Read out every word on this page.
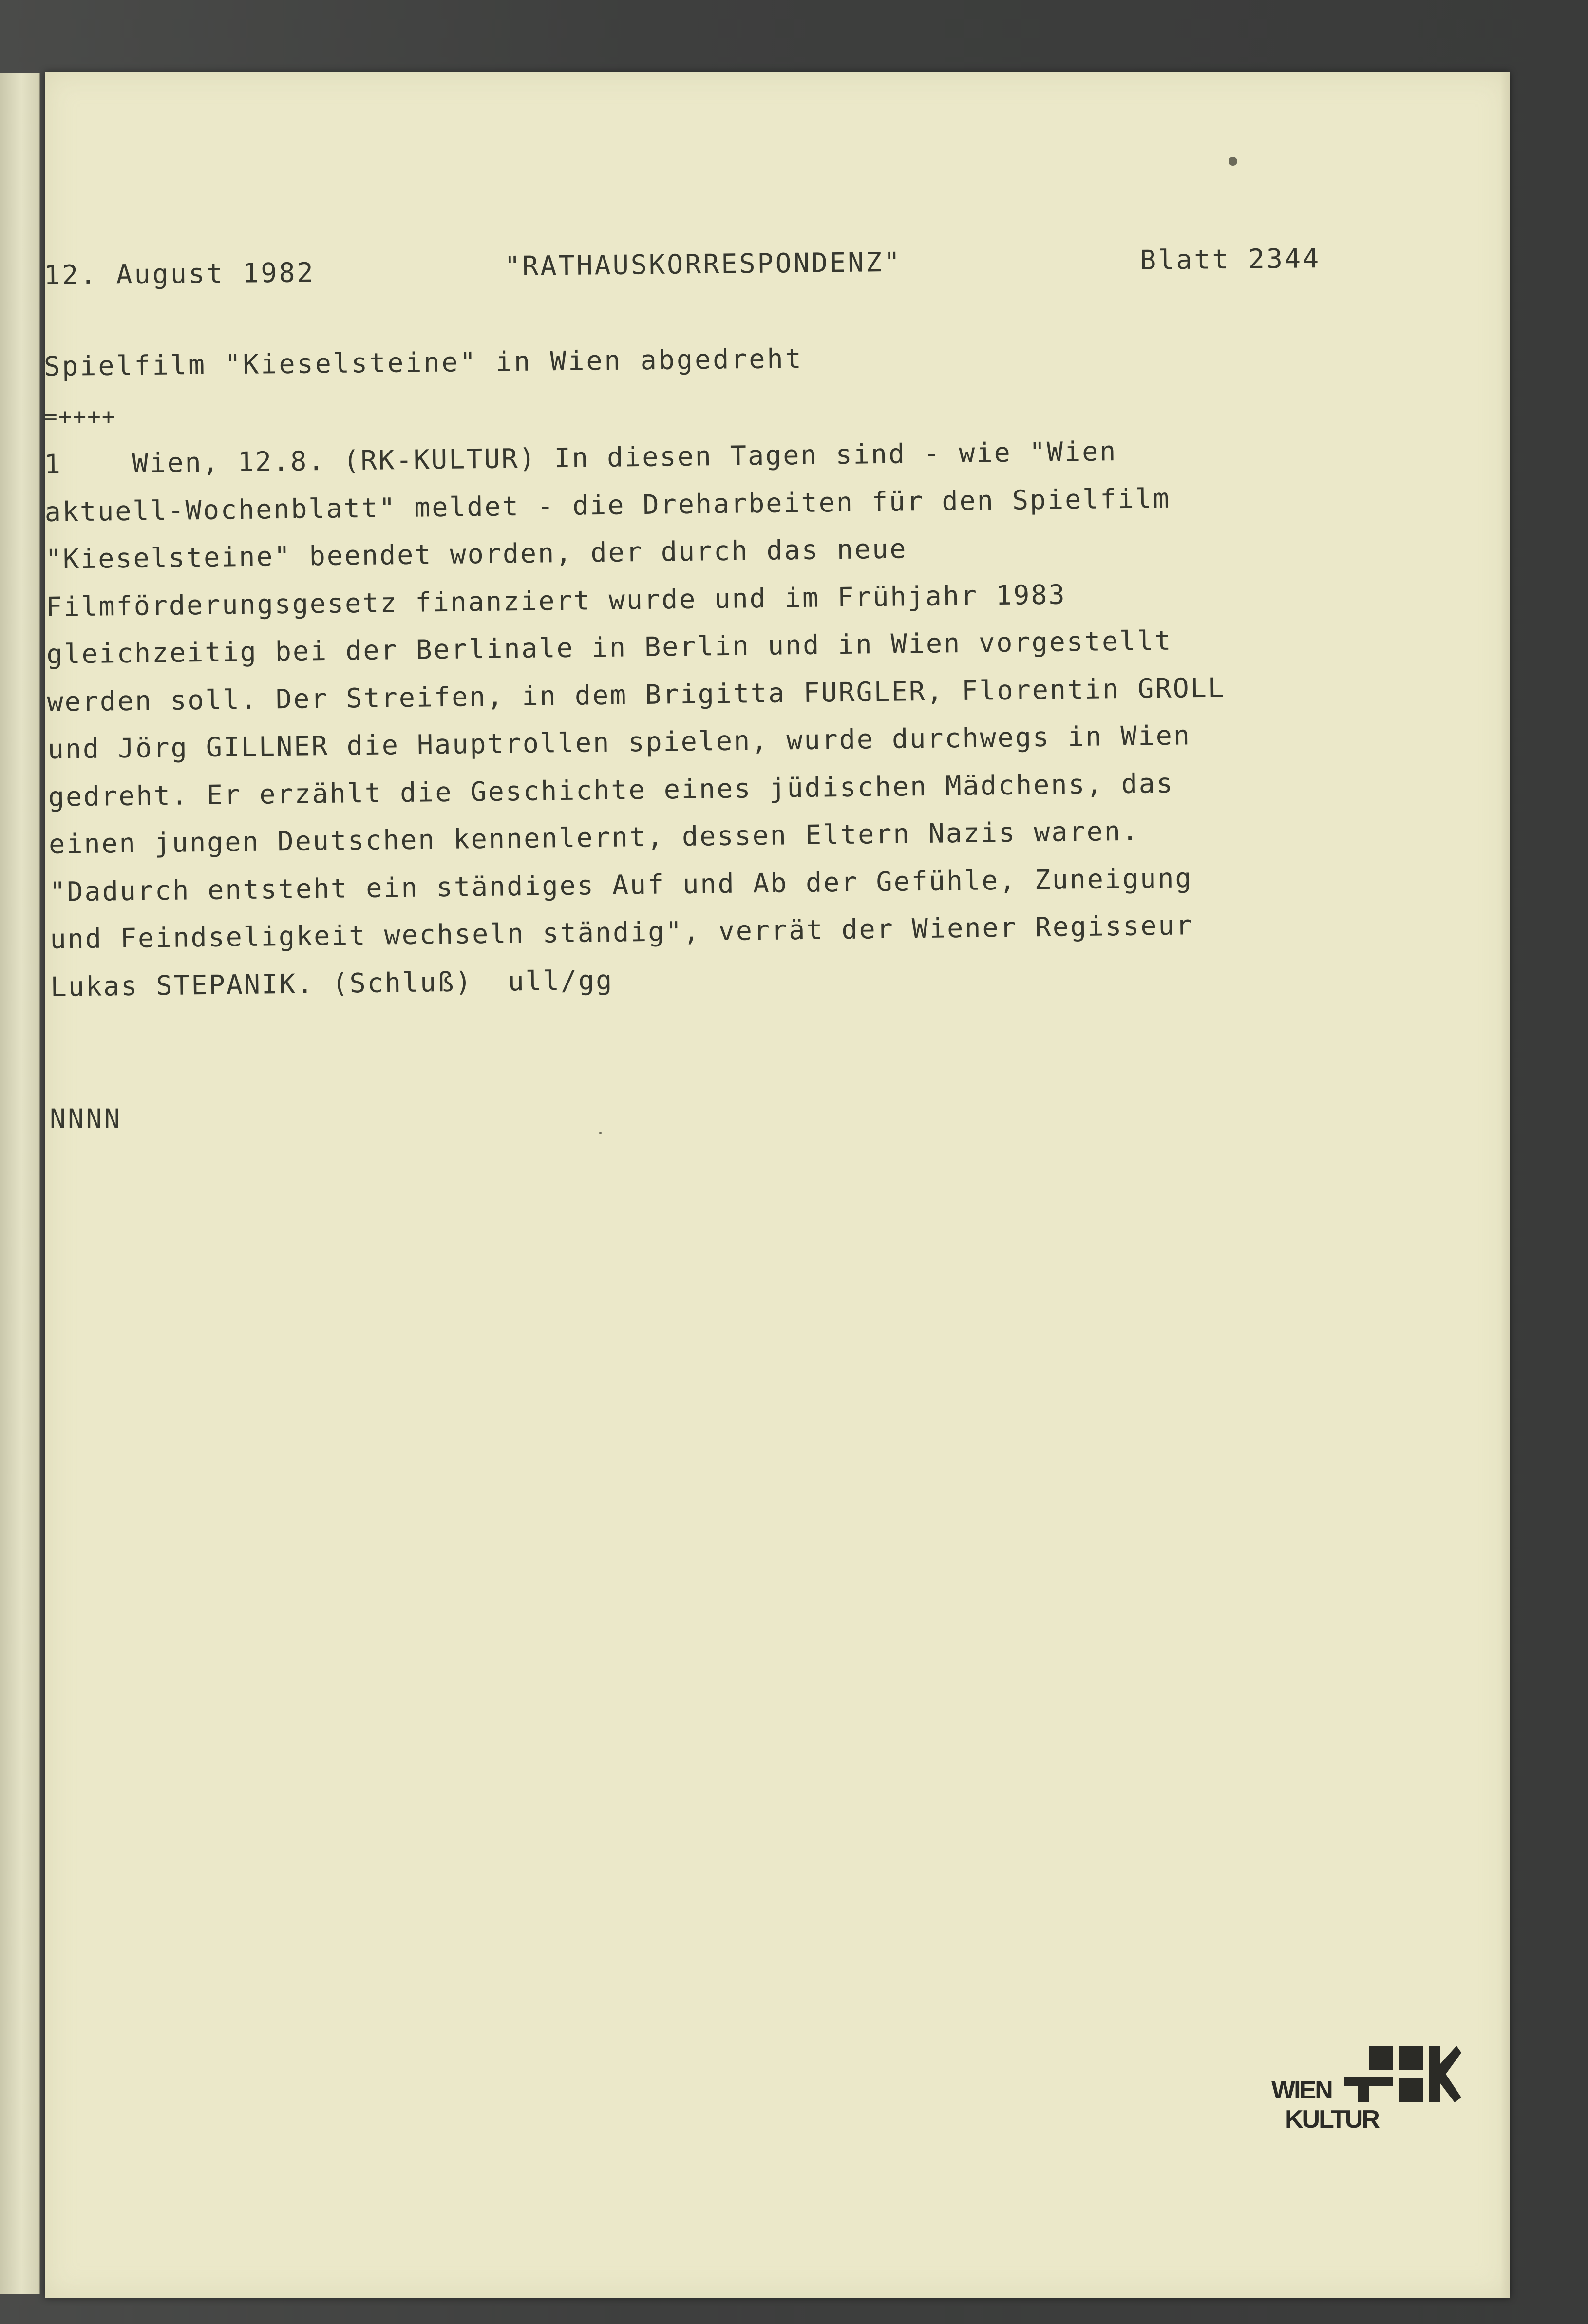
12. August 1982	"RATHAUSKORRESPONDENZ"	Blatt 2344
Spielfilm "Kieselsteine" in Wien abgedreht
=++++
1    Wien, 12.8. (RK-KULTUR) In diesen Tagen sind - wie "Wien
aktuell-Wochenblatt" meldet - die Dreharbeiten für den Spielfilm
"Kieselsteine" beendet worden, der durch das neue
Filmförderungsgesetz finanziert wurde und im Frühjahr 1983
gleichzeitig bei der Berlinale in Berlin und in Wien vorgestellt
werden soll. Der Streifen, in dem Brigitta FURGLER, Florentin GROLL
und Jörg GILLNER die Hauptrollen spielen, wurde durchwegs in Wien
gedreht. Er erzählt die Geschichte eines jüdischen Mädchens, das
einen jungen Deutschen kennenlernt, dessen Eltern Nazis waren.
"Dadurch entsteht ein ständiges Auf und Ab der Gefühle, Zuneigung
und Feindseligkeit wechseln ständig", verrät der Wiener Regisseur
Lukas STEPANIK. (Schluß)  ull/gg
NNNN
WIEN
KULTUR
